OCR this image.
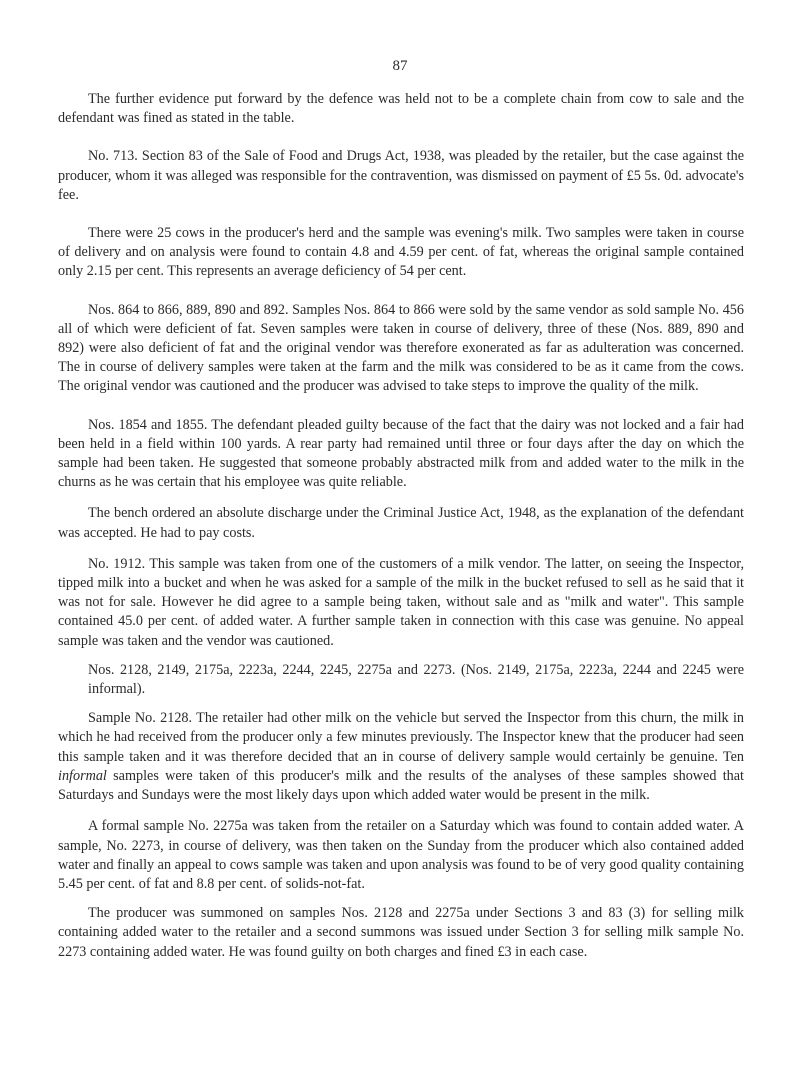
87

The further evidence put forward by the defence was held not to be a complete chain from cow to sale and the defendant was fined as stated in the table.

No. 713. Section 83 of the Sale of Food and Drugs Act, 1938, was pleaded by the retailer, but the case against the producer, whom it was alleged was responsible for the contravention, was dismissed on payment of £5 5s. 0d. advocate's fee.

There were 25 cows in the producer's herd and the sample was evening's milk. Two samples were taken in course of delivery and on analysis were found to contain 4.8 and 4.59 per cent. of fat, whereas the original sample contained only 2.15 per cent. This represents an average deficiency of 54 per cent.

Nos. 864 to 866, 889, 890 and 892. Samples Nos. 864 to 866 were sold by the same vendor as sold sample No. 456 all of which were deficient of fat. Seven samples were taken in course of delivery, three of these (Nos. 889, 890 and 892) were also deficient of fat and the original vendor was therefore exonerated as far as adulteration was concerned. The in course of delivery samples were taken at the farm and the milk was considered to be as it came from the cows. The original vendor was cautioned and the producer was advised to take steps to improve the quality of the milk.

Nos. 1854 and 1855. The defendant pleaded guilty because of the fact that the dairy was not locked and a fair had been held in a field within 100 yards. A rear party had remained until three or four days after the day on which the sample had been taken. He suggested that someone probably abstracted milk from and added water to the milk in the churns as he was certain that his employee was quite reliable.

The bench ordered an absolute discharge under the Criminal Justice Act, 1948, as the explanation of the defendant was accepted. He had to pay costs.

No. 1912. This sample was taken from one of the customers of a milk vendor. The latter, on seeing the Inspector, tipped milk into a bucket and when he was asked for a sample of the milk in the bucket refused to sell as he said that it was not for sale. However he did agree to a sample being taken, without sale and as "milk and water". This sample contained 45.0 per cent. of added water. A further sample taken in connection with this case was genuine. No appeal sample was taken and the vendor was cautioned.

Nos. 2128, 2149, 2175a, 2223a, 2244, 2245, 2275a and 2273. (Nos. 2149, 2175a, 2223a, 2244 and 2245 were informal).

Sample No. 2128. The retailer had other milk on the vehicle but served the Inspector from this churn, the milk in which he had received from the producer only a few minutes previously. The Inspector knew that the producer had seen this sample taken and it was therefore decided that an in course of delivery sample would certainly be genuine. Ten informal samples were taken of this producer's milk and the results of the analyses of these samples showed that Saturdays and Sundays were the most likely days upon which added water would be present in the milk.

A formal sample No. 2275a was taken from the retailer on a Saturday which was found to contain added water. A sample, No. 2273, in course of delivery, was then taken on the Sunday from the producer which also contained added water and finally an appeal to cows sample was taken and upon analysis was found to be of very good quality containing 5.45 per cent. of fat and 8.8 per cent. of solids-not-fat.

The producer was summoned on samples Nos. 2128 and 2275a under Sections 3 and 83 (3) for selling milk containing added water to the retailer and a second summons was issued under Section 3 for selling milk sample No. 2273 containing added water. He was found guilty on both charges and fined £3 in each case.
